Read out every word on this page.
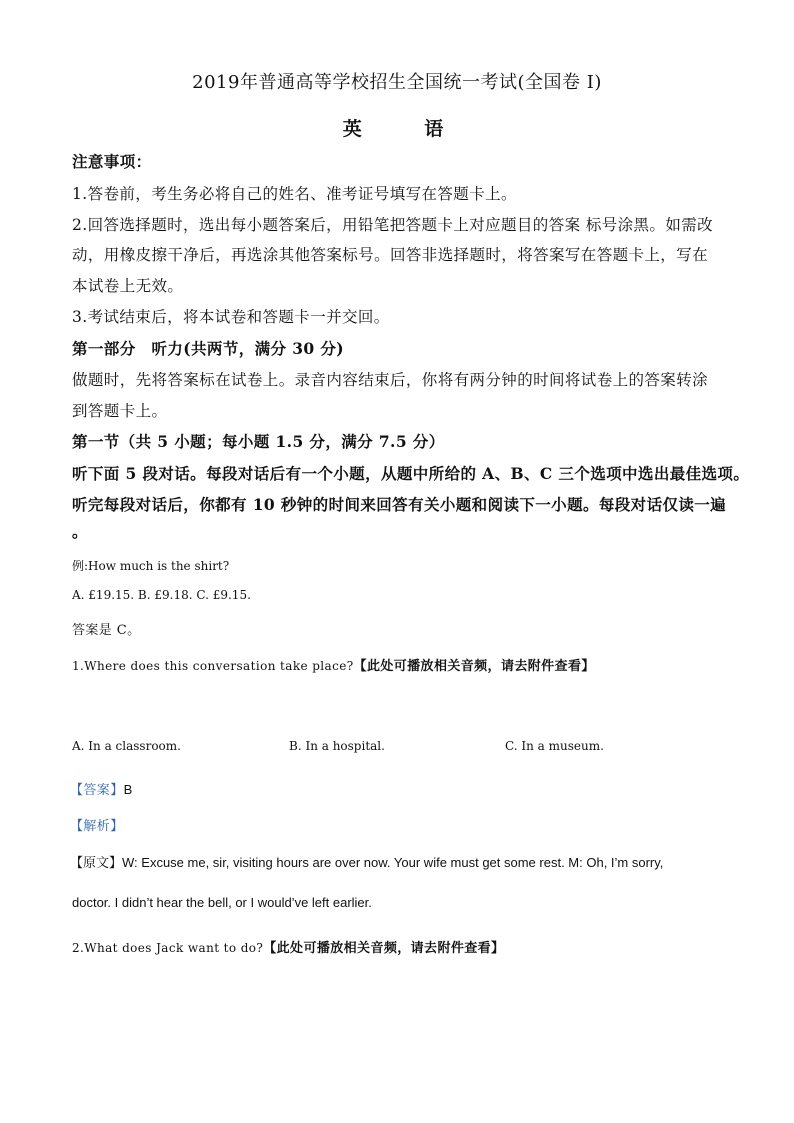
2019年普通高等学校招生全国统一考试(全国卷 I)
英 语
注意事项：
1.答卷前，考生务必将自己的姓名、准考证号填写在答题卡上。
2.回答选择题时，选出每小题答案后，用铅笔把答题卡上对应题目的答案 标号涂黑。如需改
动，用橡皮擦干净后，再选涂其他答案标号。回答非选择题时，将答案写在答题卡上，写在
本试卷上无效。
3.考试结束后，将本试卷和答题卡一并交回。
第一部分　听力(共两节，满分 30 分)
做题时，先将答案标在试卷上。录音内容结束后，你将有两分钟的时间将试卷上的答案转涂
到答题卡上。
第一节（共 5 小题；每小题 1.5 分，满分 7.5 分）
听下面 5 段对话。每段对话后有一个小题，从题中所给的 A、B、C 三个选项中选出最佳选项。
听完每段对话后，你都有 10 秒钟的时间来回答有关小题和阅读下一小题。每段对话仅读一遍
。
例:How much is the shirt?
A. £19.15. B. £9.18. C. £9.15.
答案是 C。
1.Where does this conversation take place?【此处可播放相关音频，请去附件查看】
A. In a classroom.	B. In a hospital.	C. In a museum.
【答案】B
【解析】
【原文】W: Excuse me, sir, visiting hours are over now. Your wife must get some rest. M: Oh, I’m sorry,
doctor. I didn’t hear the bell, or I would’ve left earlier.
2.What does Jack want to do?【此处可播放相关音频，请去附件查看】
